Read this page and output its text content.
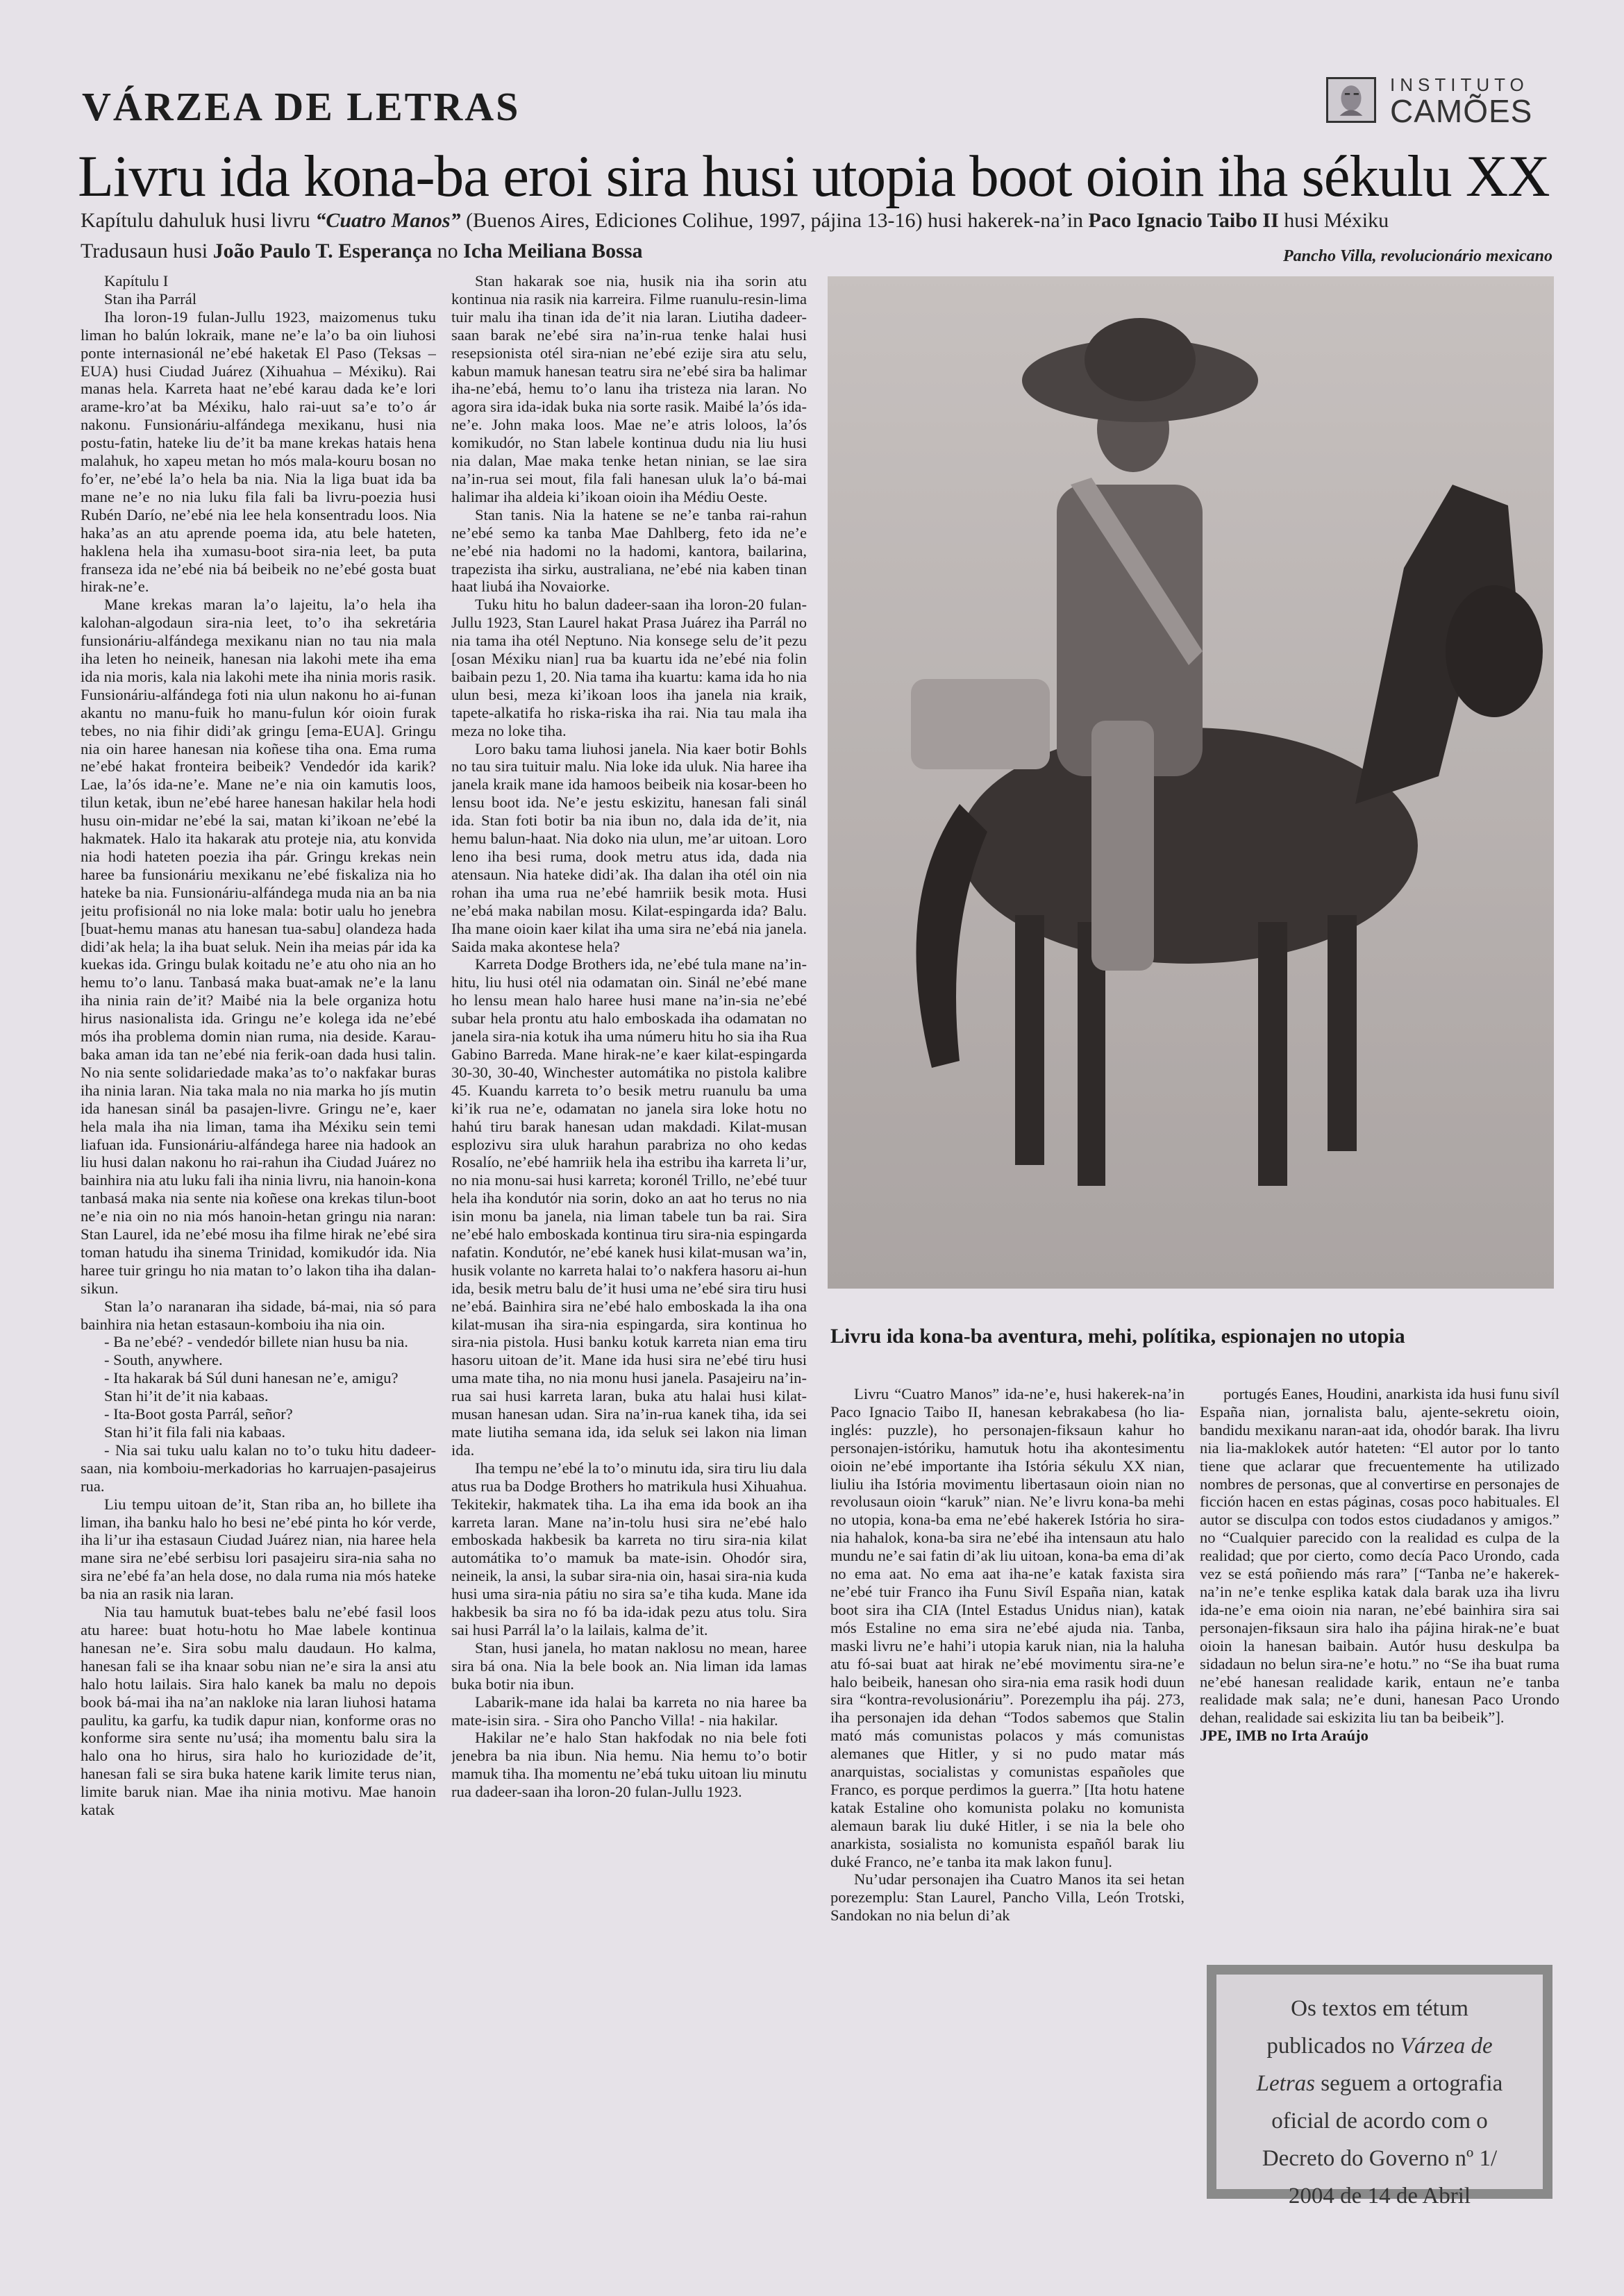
VÁRZEA DE LETRAS	INSTITUTO
CAMÕES
Livru ida kona-ba eroi sira husi utopia boot oioin iha sékulu XX
Kapítulu dahuluk husi livru “Cuatro Manos” (Buenos Aires, Ediciones Colihue, 1997, pájina 13-16) husi hakerek-na’in Paco Ignacio Taibo II husi Méxiku
Tradusaun husi João Paulo T. Esperança no Icha Meiliana Bossa	Pancho Villa, revolucionário mexicano

Kapítulu I

Stan iha Parrál

Iha loron-19 fulan-Jullu 1923, maizomenus tuku liman ho balún lokraik, mane ne’e la’o ba oin liuhosi ponte internasionál ne’ebé haketak El Paso (Teksas – EUA) husi Ciudad Juárez (Xihuahua – Méxiku). Rai manas hela. Karreta haat ne’ebé karau dada ke’e lori arame-kro’at ba Méxiku, halo rai-uut sa’e to’o ár nakonu. Funsionáriu-alfándega mexikanu, husi nia postu-fatin, hateke liu de’it ba mane krekas hatais hena malahuk, ho xapeu metan ho mós mala-kouru bosan no fo’er, ne’ebé la’o hela ba nia. Nia la liga buat ida ba mane ne’e no nia luku fila fali ba livru-poezia husi Rubén Darío, ne’ebé nia lee hela konsentradu loos. Nia haka’as an atu aprende poema ida, atu bele hateten, haklena hela iha xumasu-boot sira-nia leet, ba puta franseza ida ne’ebé nia bá beibeik no ne’ebé gosta buat hirak-ne’e.

Mane krekas maran la’o lajeitu, la’o hela iha kalohan-algodaun sira-nia leet, to’o iha sekretária funsionáriu-alfándega mexikanu nian no tau nia mala iha leten ho neineik, hanesan nia lakohi mete iha ema ida nia moris, kala nia lakohi mete iha ninia moris rasik. Funsionáriu-alfándega foti nia ulun nakonu ho ai-funan akantu no manu-fuik ho manu-fulun kór oioin furak tebes, no nia fihir didi’ak gringu [ema-EUA]. Gringu nia oin haree hanesan nia koñese tiha ona. Ema ruma ne’ebé hakat fronteira beibeik? Vendedór ida karik? Lae, la’ós ida-ne’e. Mane ne’e nia oin kamutis loos, tilun ketak, ibun ne’ebé haree hanesan hakilar hela hodi husu oin-midar ne’ebé la sai, matan ki’ikoan ne’ebé la hakmatek. Halo ita hakarak atu proteje nia, atu konvida nia hodi hateten poezia iha pár. Gringu krekas nein haree ba funsionáriu mexikanu ne’ebé fiskaliza nia ho hateke ba nia. Funsionáriu-alfándega muda nia an ba nia jeitu profisionál no nia loke mala: botir ualu ho jenebra [buat-hemu manas atu hanesan tua-sabu] olandeza hada didi’ak hela; la iha buat seluk. Nein iha meias pár ida ka kuekas ida. Gringu bulak koitadu ne’e atu oho nia an ho hemu to’o lanu. Tanbasá maka buat-amak ne’e la lanu iha ninia rain de’it? Maibé nia la bele organiza hotu hirus nasionalista ida. Gringu ne’e kolega ida ne’ebé mós iha problema domin nian ruma, nia deside. Karau-baka aman ida tan ne’ebé nia ferik-oan dada husi talin. No nia sente solidariedade maka’as to’o nakfakar buras iha ninia laran. Nia taka mala no nia marka ho jís mutin ida hanesan sinál ba pasajen-livre. Gringu ne’e, kaer hela mala iha nia liman, tama iha Méxiku sein temi liafuan ida. Funsionáriu-alfándega haree nia hadook an liu husi dalan nakonu ho rai-rahun iha Ciudad Juárez no bainhira nia atu luku fali iha ninia livru, nia hanoin-kona tanbasá maka nia sente nia koñese ona krekas tilun-boot ne’e nia oin no nia mós hanoin-hetan gringu nia naran: Stan Laurel, ida ne’ebé mosu iha filme hirak ne’ebé sira toman hatudu iha sinema Trinidad, komikudór ida. Nia haree tuir gringu ho nia matan to’o lakon tiha iha dalan-sikun.

Stan la’o naranaran iha sidade, bá-mai, nia só para bainhira nia hetan estasaun-komboiu iha nia oin.

- Ba ne’ebé? - vendedór billete nian husu ba nia.

- South, anywhere.

- Ita hakarak bá Súl duni hanesan ne’e, amigu?

Stan hi’it de’it nia kabaas.

- Ita-Boot gosta Parrál, señor?

Stan hi’it fila fali nia kabaas.

- Nia sai tuku ualu kalan no to’o tuku hitu dadeer-saan, nia komboiu-merkadorias ho karruajen-pasajeirus rua.

Liu tempu uitoan de’it, Stan riba an, ho billete iha liman, iha banku halo ho besi ne’ebé pinta ho kór verde, iha li’ur iha estasaun Ciudad Juárez nian, nia haree hela mane sira ne’ebé serbisu lori pasajeiru sira-nia saha no sira ne’ebé fa’an hela dose, no dala ruma nia mós hateke ba nia an rasik nia laran.

Nia tau hamutuk buat-tebes balu ne’ebé fasil loos atu haree: buat hotu-hotu ho Mae labele kontinua hanesan ne’e. Sira sobu malu daudaun. Ho kalma, hanesan fali se iha knaar sobu nian ne’e sira la ansi atu halo hotu lailais. Sira halo kanek ba malu no depois book bá-mai iha na’an nakloke nia laran liuhosi hatama paulitu, ka garfu, ka tudik dapur nian, konforme oras no konforme sira sente nu’usá; iha momentu balu sira la halo ona ho hirus, sira halo ho kuriozidade de’it, hanesan fali se sira buka hatene karik limite terus nian, limite baruk nian. Mae iha ninia motivu. Mae hanoin katak

Stan hakarak soe nia, husik nia iha sorin atu kontinua nia rasik nia karreira. Filme ruanulu-resin-lima tuir malu iha tinan ida de’it nia laran. Liutiha dadeer-saan barak ne’ebé sira na’in-rua tenke halai husi resepsionista otél sira-nian ne’ebé ezije sira atu selu, kabun mamuk hanesan teatru sira ne’ebé sira ba halimar iha-ne’ebá, hemu to’o lanu iha tristeza nia laran. No agora sira ida-idak buka nia sorte rasik. Maibé la’ós ida-ne’e. John maka loos. Mae ne’e atris loloos, la’ós komikudór, no Stan labele kontinua dudu nia liu husi nia dalan, Mae maka tenke hetan ninian, se lae sira na’in-rua sei mout, fila fali hanesan uluk la’o bá-mai halimar iha aldeia ki’ikoan oioin iha Médiu Oeste.

Stan tanis. Nia la hatene se ne’e tanba rai-rahun ne’ebé semo ka tanba Mae Dahlberg, feto ida ne’e ne’ebé nia hadomi no la hadomi, kantora, bailarina, trapezista iha sirku, australiana, ne’ebé nia kaben tinan haat liubá iha Novaiorke.

Tuku hitu ho balun dadeer-saan iha loron-20 fulan-Jullu 1923, Stan Laurel hakat Prasa Juárez iha Parrál no nia tama iha otél Neptuno. Nia konsege selu de’it pezu [osan Méxiku nian] rua ba kuartu ida ne’ebé nia folin baibain pezu 1, 20. Nia tama iha kuartu: kama ida ho nia ulun besi, meza ki’ikoan loos iha janela nia kraik, tapete-alkatifa ho riska-riska iha rai. Nia tau mala iha meza no loke tiha.

Loro baku tama liuhosi janela. Nia kaer botir Bohls no tau sira tuituir malu. Nia loke ida uluk. Nia haree iha janela kraik mane ida hamoos beibeik nia kosar-been ho lensu boot ida. Ne’e jestu eskizitu, hanesan fali sinál ida. Stan foti botir ba nia ibun no, dala ida de’it, nia hemu balun-haat. Nia doko nia ulun, me’ar uitoan. Loro leno iha besi ruma, dook metru atus ida, dada nia atensaun. Nia hateke didi’ak. Iha dalan iha otél oin nia rohan iha uma rua ne’ebé hamriik besik mota. Husi ne’ebá maka nabilan mosu. Kilat-espingarda ida? Balu. Iha mane oioin kaer kilat iha uma sira ne’ebá nia janela. Saida maka akontese hela?

Karreta Dodge Brothers ida, ne’ebé tula mane na’in-hitu, liu husi otél nia odamatan oin. Sinál ne’ebé mane ho lensu mean halo haree husi mane na’in-sia ne’ebé subar hela prontu atu halo emboskada iha odamatan no janela sira-nia kotuk iha uma númeru hitu ho sia iha Rua Gabino Barreda. Mane hirak-ne’e kaer kilat-espingarda 30-30, 30-40, Winchester automátika no pistola kalibre 45. Kuandu karreta to’o besik metru ruanulu ba uma ki’ik rua ne’e, odamatan no janela sira loke hotu no hahú tiru barak hanesan udan makdadi. Kilat-musan esplozivu sira uluk harahun parabriza no oho kedas Rosalío, ne’ebé hamriik hela iha estribu iha karreta li’ur, no nia monu-sai husi karreta; koronél Trillo, ne’ebé tuur hela iha kondutór nia sorin, doko an aat ho terus no nia isin monu ba janela, nia liman tabele tun ba rai. Sira ne’ebé halo emboskada kontinua tiru sira-nia espingarda nafatin. Kondutór, ne’ebé kanek husi kilat-musan wa’in, husik volante no karreta halai to’o nakfera hasoru ai-hun ida, besik metru balu de’it husi uma ne’ebé sira tiru husi ne’ebá. Bainhira sira ne’ebé halo emboskada la iha ona kilat-musan iha sira-nia espingarda, sira kontinua ho sira-nia pistola. Husi banku kotuk karreta nian ema tiru hasoru uitoan de’it. Mane ida husi sira ne’ebé tiru husi uma mate tiha, no nia monu husi janela. Pasajeiru na’in-rua sai husi karreta laran, buka atu halai husi kilat-musan hanesan udan. Sira na’in-rua kanek tiha, ida sei mate liutiha semana ida, ida seluk sei lakon nia liman ida.

Iha tempu ne’ebé la to’o minutu ida, sira tiru liu dala atus rua ba Dodge Brothers ho matrikula husi Xihuahua. Tekitekir, hakmatek tiha. La iha ema ida book an iha karreta laran. Mane na’in-tolu husi sira ne’ebé halo emboskada hakbesik ba karreta no tiru sira-nia kilat automátika to’o mamuk ba mate-isin. Ohodór sira, neineik, la ansi, la subar sira-nia oin, hasai sira-nia kuda husi uma sira-nia pátiu no sira sa’e tiha kuda. Mane ida hakbesik ba sira no fó ba ida-idak pezu atus tolu. Sira sai husi Parrál la’o la lailais, kalma de’it.

Stan, husi janela, ho matan naklosu no mean, haree sira bá ona. Nia la bele book an. Nia liman ida lamas buka botir nia ibun.

Labarik-mane ida halai ba karreta no nia haree ba mate-isin sira. - Sira oho Pancho Villa! - nia hakilar.

Hakilar ne’e halo Stan hakfodak no nia bele foti jenebra ba nia ibun. Nia hemu. Nia hemu to’o botir mamuk tiha. Iha momentu ne’ebá tuku uitoan liu minutu rua dadeer-saan iha loron-20 fulan-Jullu 1923.

Livru ida kona-ba aventura, mehi, polítika, espionajen no utopia

Livru “Cuatro Manos” ida-ne’e, husi hakerek-na’in Paco Ignacio Taibo II, hanesan kebrakabesa (ho lia-inglés: puzzle), ho personajen-fiksaun kahur ho personajen-istóriku, hamutuk hotu iha akontesimentu oioin ne’ebé importante iha Istória sékulu XX nian, liuliu iha Istória movimentu libertasaun oioin nian no revolusaun oioin “karuk” nian. Ne’e livru kona-ba mehi no utopia, kona-ba ema ne’ebé hakerek Istória ho sira-nia hahalok, kona-ba sira ne’ebé iha intensaun atu halo mundu ne’e sai fatin di’ak liu uitoan, kona-ba ema di’ak no ema aat. No ema aat iha-ne’e katak faxista sira ne’ebé tuir Franco iha Funu Sivíl España nian, katak boot sira iha CIA (Intel Estadus Unidus nian), katak mós Estaline no ema sira ne’ebé ajuda nia. Tanba, maski livru ne’e hahi’i utopia karuk nian, nia la haluha atu fó-sai buat aat hirak ne’ebé movimentu sira-ne’e halo beibeik, hanesan oho sira-nia ema rasik hodi duun sira “kontra-revolusionáriu”. Porezemplu iha páj. 273, iha personajen ida dehan “Todos sabemos que Stalin mató más comunistas polacos y más comunistas alemanes que Hitler, y si no pudo matar más anarquistas, socialistas y comunistas españoles que Franco, es porque perdimos la guerra.” [Ita hotu hatene katak Estaline oho komunista polaku no komunista alemaun barak liu duké Hitler, i se nia la bele oho anarkista, sosialista no komunista españól barak liu duké Franco, ne’e tanba ita mak lakon funu].

Nu’udar personajen iha Cuatro Manos ita sei hetan porezemplu: Stan Laurel, Pancho Villa, León Trotski, Sandokan no nia belun di’ak

portugés Eanes, Houdini, anarkista ida husi funu sivíl España nian, jornalista balu, ajente-sekretu oioin, bandidu mexikanu naran-aat ida, ohodór barak. Iha livru nia lia-maklokek autór hateten: “El autor por lo tanto tiene que aclarar que frecuentemente ha utilizado nombres de personas, que al convertirse en personajes de ficción hacen en estas páginas, cosas poco habituales. El autor se disculpa con todos estos ciudadanos y amigos.” no “Cualquier parecido con la realidad es culpa de la realidad; que por cierto, como decía Paco Urondo, cada vez se está poñiendo más rara” [“Tanba ne’e hakerek-na’in ne’e tenke esplika katak dala barak uza iha livru ida-ne’e ema oioin nia naran, ne’ebé bainhira sira sai personajen-fiksaun sira halo iha pájina hirak-ne’e buat oioin la hanesan baibain. Autór husu deskulpa ba sidadaun no belun sira-ne’e hotu.” no “Se iha buat ruma ne’ebé hanesan realidade karik, entaun ne’e tanba realidade mak sala; ne’e duni, hanesan Paco Urondo dehan, realidade sai eskizita liu tan ba beibeik”].

JPE, IMB no Irta Araújo

Os textos em tétum
publicados no Várzea de
Letras seguem a ortografia
oficial de acordo com o
Decreto do Governo nº 1/
2004 de 14 de Abril
